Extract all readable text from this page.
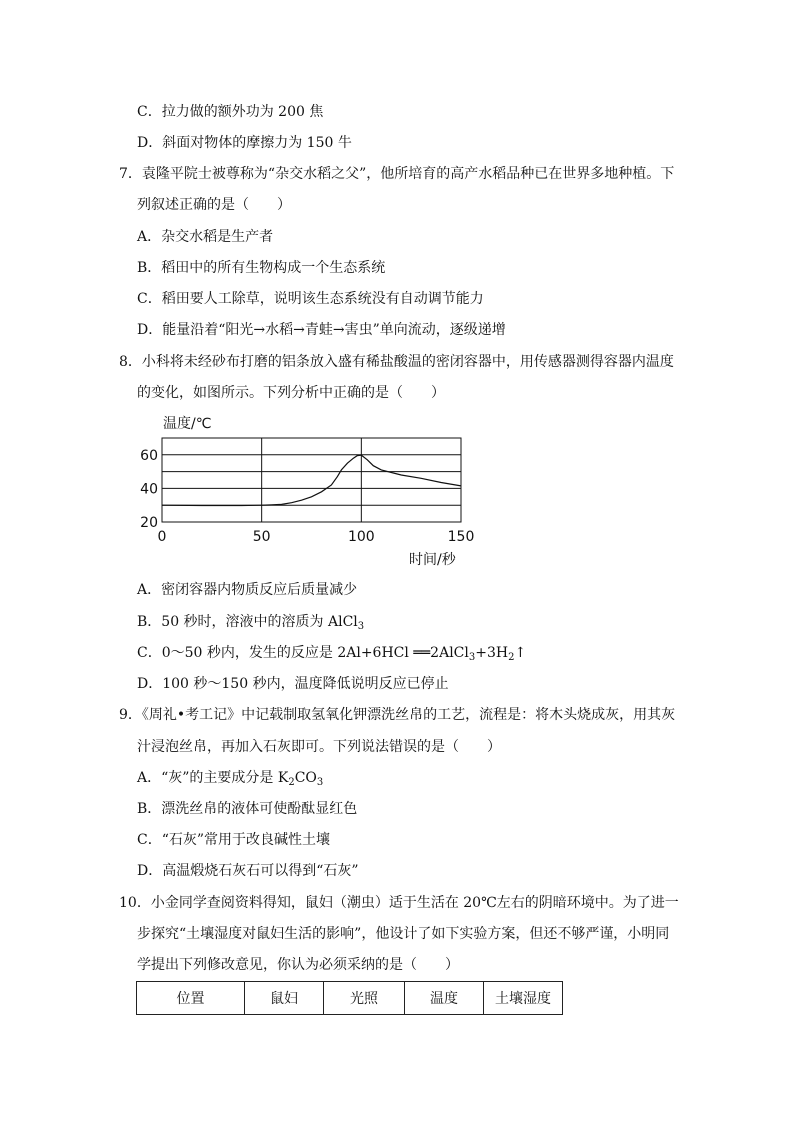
C．拉力做的额外功为 200 焦
D．斜面对物体的摩擦力为 150 牛
7．袁隆平院士被尊称为“杂交水稻之父”，他所培育的高产水稻品种已在世界多地种植。下
列叙述正确的是（　　）
A．杂交水稻是生产者
B．稻田中的所有生物构成一个生态系统
C．稻田要人工除草，说明该生态系统没有自动调节能力
D．能量沿着“阳光→水稻→青蛙→害虫”单向流动，逐级递增
8．小科将未经砂布打磨的铝条放入盛有稀盐酸温的密闭容器中，用传感器测得容器内温度
的变化，如图所示。下列分析中正确的是（　　）
温度/℃
20
40
60
0	50	100	150
时间/秒
A．密闭容器内物质反应后质量减少
B．50 秒时，溶液中的溶质为 AlCl$_3$
C．0～50 秒内，发生的反应是 2Al+6HCl $══2AlCl_3+3H_2↑$
D．100 秒～150 秒内，温度降低说明反应已停止
9．《周礼•考工记》中记载制取氢氧化钾漂洗丝帛的工艺，流程是：将木头烧成灰，用其灰
汁浸泡丝帛，再加入石灰即可。下列说法错误的是（　　）
A．“灰”的主要成分是 $K_2CO_3$
B．漂洗丝帛的液体可使酚酞显红色
C．“石灰”常用于改良碱性土壤
D．高温煅烧石灰石可以得到“石灰”
10．小金同学查阅资料得知，鼠妇（潮虫）适于生活在 20℃左右的阴暗环境中。为了进一
步探究“土壤湿度对鼠妇生活的影响”，他设计了如下实验方案，但还不够严谨，小明同
学提出下列修改意见，你认为必须采纳的是（　　）
位置	鼠妇	光照	温度	土壤湿度
